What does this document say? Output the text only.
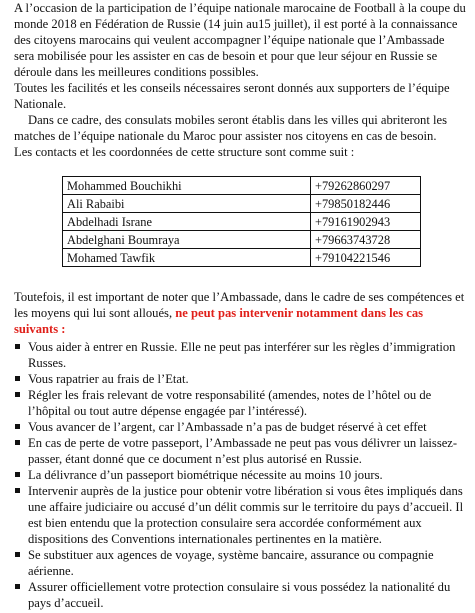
A l’occasion de la participation de l’équipe nationale marocaine de Football à la coupe du monde 2018 en Fédération de Russie (14 juin au15 juillet), il est porté à la connaissance des citoyens marocains qui veulent accompagner l’équipe nationale que l’Ambassade sera mobilisée pour les assister en cas de besoin et pour que leur séjour en Russie se déroule dans les meilleures conditions possibles.

Toutes les facilités et les conseils nécessaires seront donnés aux supporters de l’équipe Nationale.

Dans ce cadre, des consulats mobiles seront établis dans les villes qui abriteront les matches de l’équipe nationale du Maroc pour assister nos citoyens en cas de besoin.

Les contacts et les coordonnées de cette structure sont comme suit :

Mohammed Bouchikhi	+79262860297
Ali Rabaibi	+79850182446
Abdelhadi Israne	+79161902943
Abdelghani Boumraya	+79663743728
Mohamed Tawfik	+79104221546

Toutefois, il est important de noter que l’Ambassade, dans le cadre de ses compétences et les moyens qui lui sont alloués, ne peut pas intervenir notamment dans les cas suivants :

Vous aider à entrer en Russie. Elle ne peut pas interférer sur les règles d’immigration Russes.
Vous rapatrier au frais de l’Etat.
Régler les frais relevant de votre responsabilité (amendes, notes de l’hôtel ou de l’hôpital ou tout autre dépense engagée par l’intéressé).
Vous avancer de l’argent, car l’Ambassade n’a pas de budget réservé à cet effet
En cas de perte de votre passeport, l’Ambassade ne peut pas vous délivrer un laissez-passer, étant donné que ce document n’est plus autorisé en Russie.
La délivrance d’un passeport biométrique nécessite au moins 10 jours.
Intervenir auprès de la justice pour obtenir votre libération si vous êtes impliqués dans une affaire judiciaire ou accusé d’un délit commis sur le territoire du pays d’accueil. Il est bien entendu que la protection consulaire sera accordée conformément aux dispositions des Conventions internationales pertinentes en la matière.
Se substituer aux agences de voyage, système bancaire, assurance ou compagnie aérienne.
Assurer officiellement votre protection consulaire si vous possédez la nationalité du pays d’accueil.
